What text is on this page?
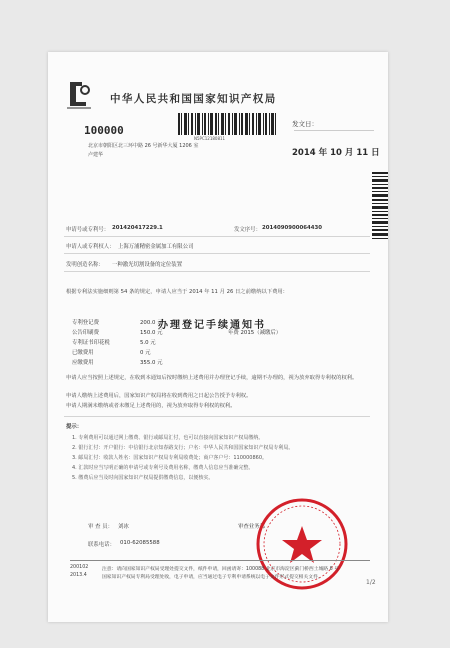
中华人民共和国国家知识产权局
100000
N5PC12180811
北京市朝阳区北三环中路 26 号新华大厦 1206 室
卢建华
发文日：
2014 年 10 月 11 日
申请号或专利号： 201420417229.1	发文序号： 2014090900064430
申请人或专利权人： 上海万浦精密金属加工有限公司
发明创造名称： 一种激光切割设备的定位装置
办理登记手续通知书
根据专利法实施细则第 54 条的规定，申请人应当于 2014 年 11 月 26 日之前缴纳以下费用：
专利登记费	200.0 元
公告印刷费	150.0 元	年费 2015（减缴后）
专利证书印花税	5.0 元
已缴费用	0 元
应缴费用	355.0 元
申请人应当按照上述规定，在收到本通知后按时缴纳上述费用并办理登记手续，逾期不办理的，视为放弃取得专利权的权利。
申请人缴纳上述费用后，国家知识产权局将在收到费用之日起公告授予专利权。
申请人期满未缴纳或者未缴足上述费用的，视为放弃取得专利权的权利。
提示：
1. 专利费用可以通过网上缴费、银行或邮局汇付，也可以直接向国家知识产权局缴纳。
2. 银行汇付：开户银行：中信银行北京知春路支行；户名：中华人民共和国国家知识产权局专利局。
3. 邮局汇付：收款人姓名：国家知识产权局专利局收费处；商户客户号：110000860。
4. 汇款时应当写明正确的申请号或专利号及费用名称，缴费人信息应当准确完整。
5. 缴费后应当及时向国家知识产权局提供缴费信息，以便核实。
审 查 员： 刘冰	审查业务部
联系电话： 010-62085588
200102
2013.4
注意：请向国家知识产权局受理处提交文件，纸件申请，回函请寄：100088 北京市海淀区蓟门桥西土城路 6 号
国家知识产权局专利局受理处收，电子申请，应当通过电子专利申请系统以电子文件形式提交相关文件。
1/2
